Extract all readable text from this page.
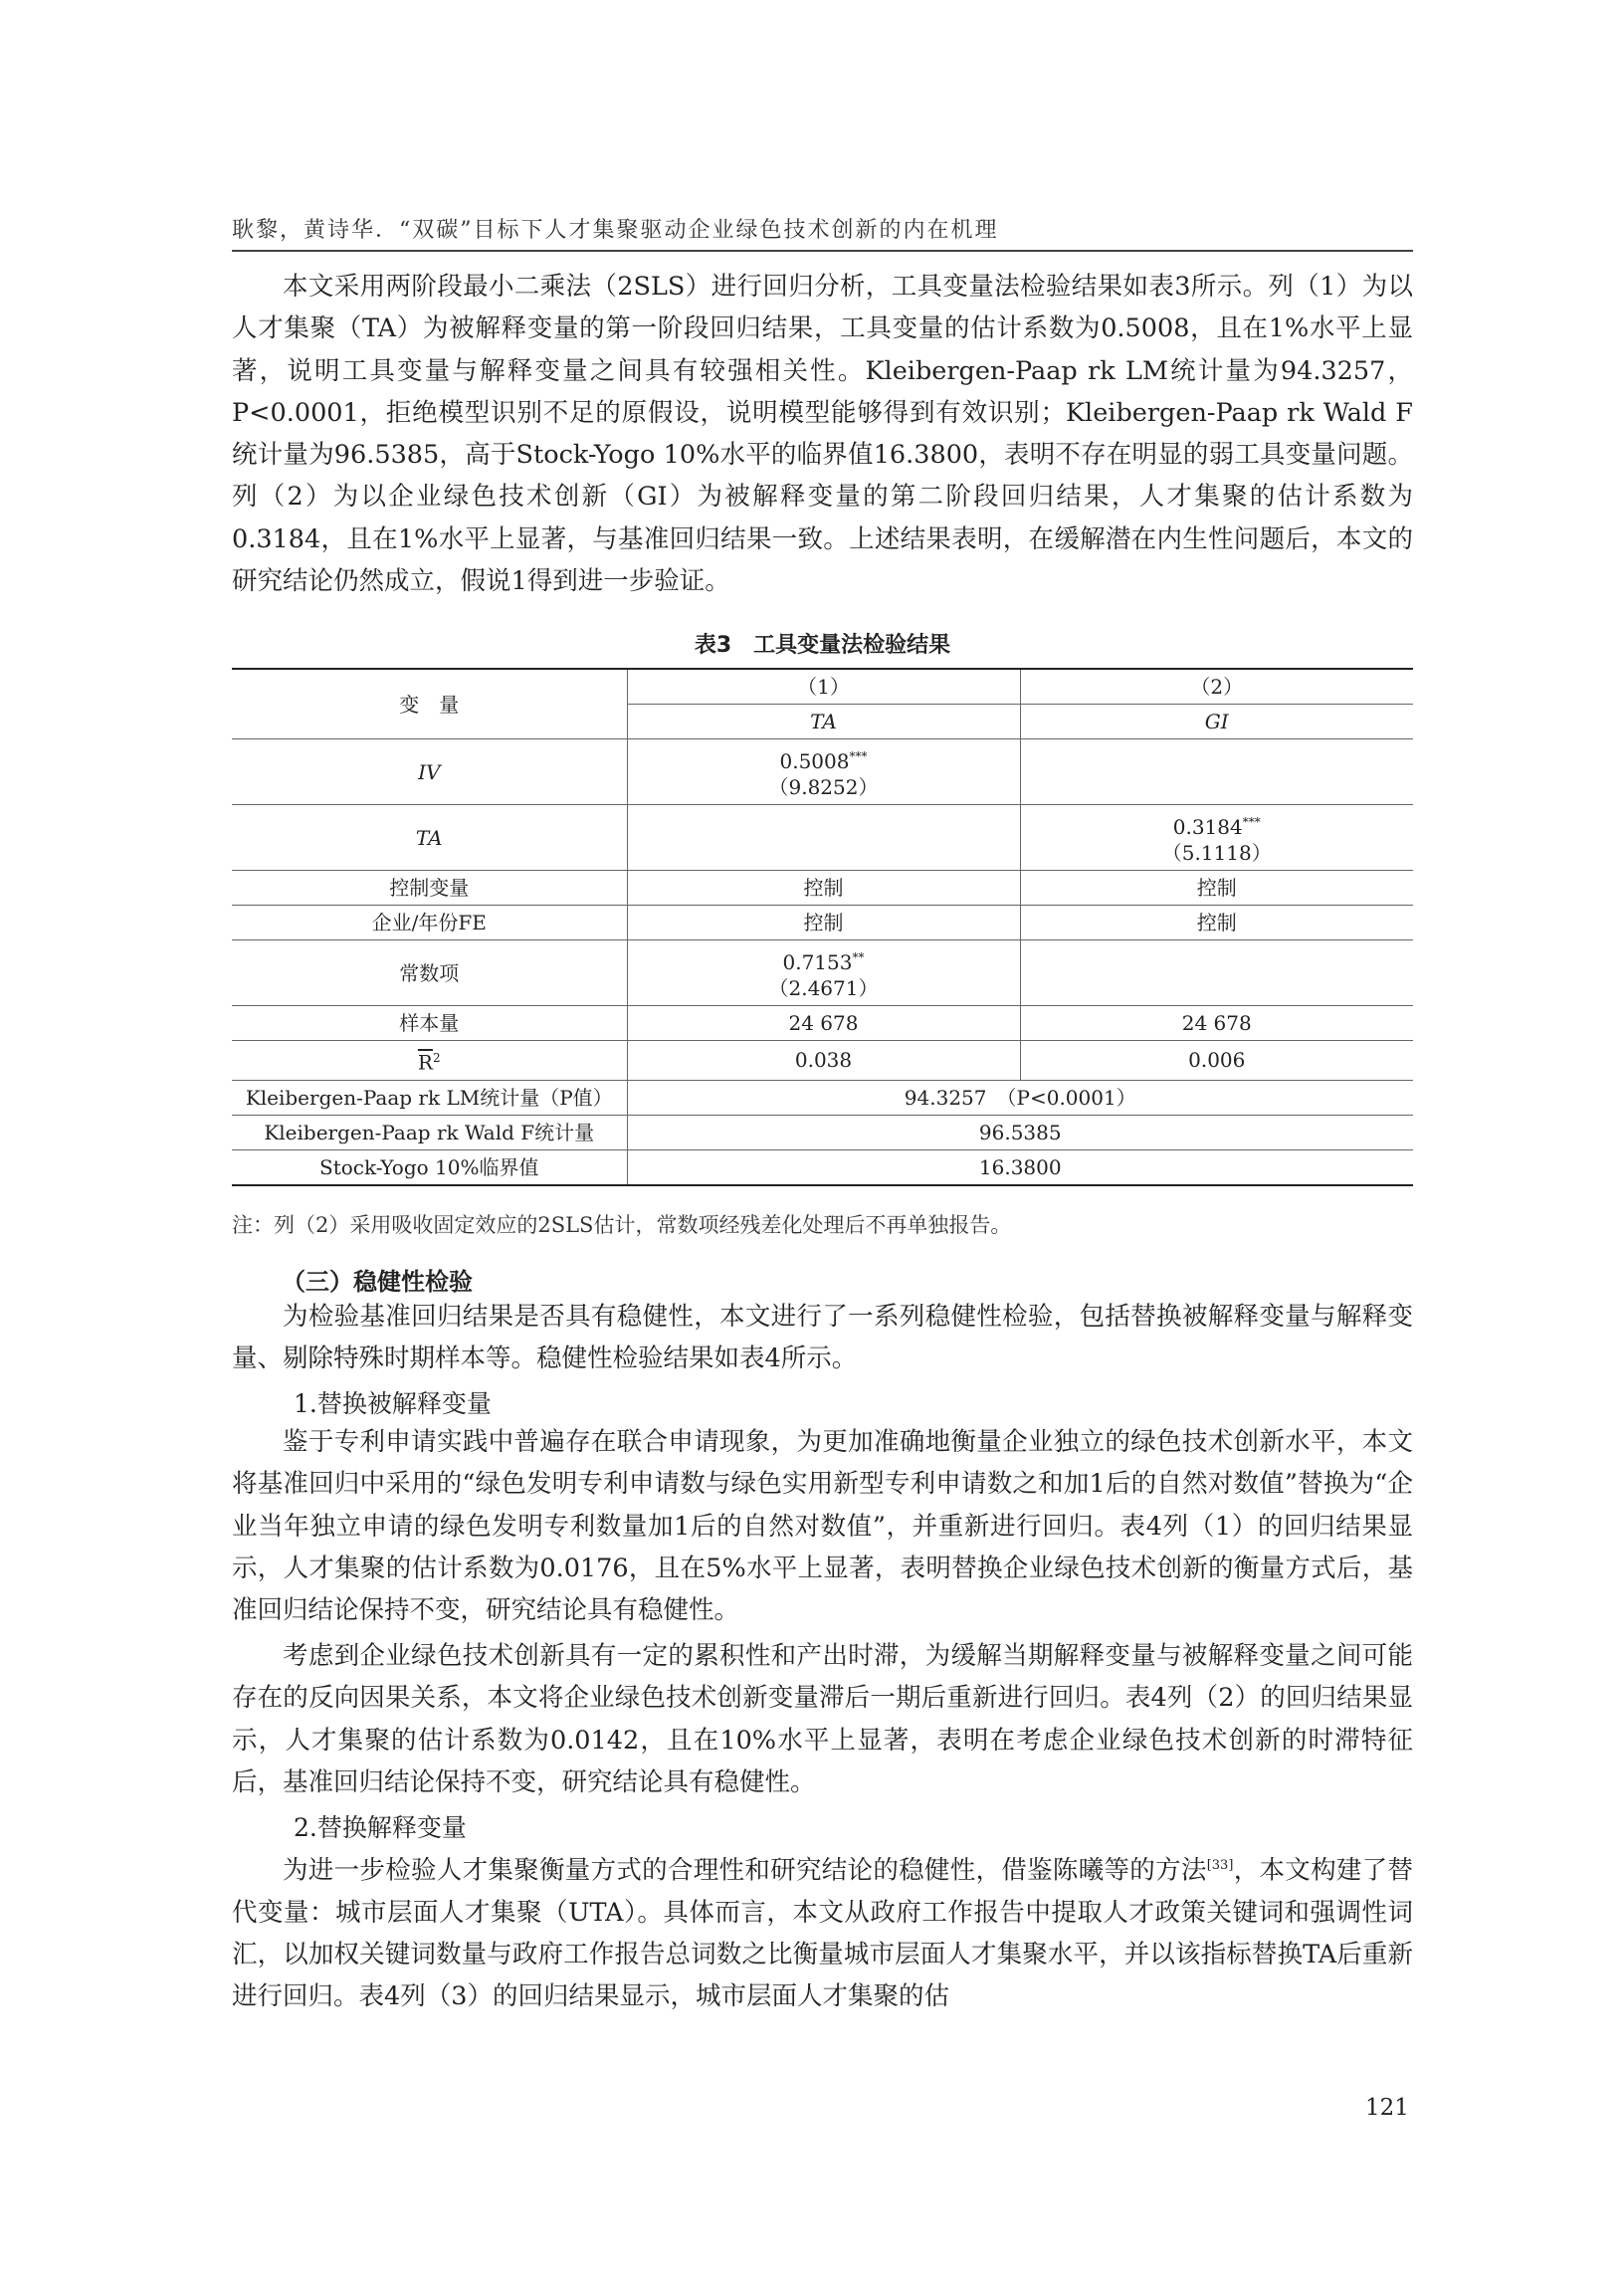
耿黎，黄诗华．“双碳”目标下人才集聚驱动企业绿色技术创新的内在机理
本文采用两阶段最小二乘法（2SLS）进行回归分析，工具变量法检验结果如表3所示。列（1）为以人才集聚（TA）为被解释变量的第一阶段回归结果，工具变量的估计系数为0.5008，且在1%水平上显著，说明工具变量与解释变量之间具有较强相关性。Kleibergen-Paap rk LM统计量为94.3257，P<0.0001，拒绝模型识别不足的原假设，说明模型能够得到有效识别；Kleibergen-Paap rk Wald F统计量为96.5385，高于Stock-Yogo 10%水平的临界值16.3800，表明不存在明显的弱工具变量问题。列（2）为以企业绿色技术创新（GI）为被解释变量的第二阶段回归结果，人才集聚的估计系数为0.3184，且在1%水平上显著，与基准回归结果一致。上述结果表明，在缓解潜在内生性问题后，本文的研究结论仍然成立，假说1得到进一步验证。
表3　工具变量法检验结果
变　量	（1）	（2）
	TA	GI
IV	0.5008***
（9.8252）	

TA		0.3184***
（5.1118）

控制变量	控制	控制
企业/年份FE	控制	控制
常数项	0.7153**
（2.4671）	

样本量	24 678	24 678
$\overline{R}^2$	0.038	0.006
Kleibergen-Paap rk LM统计量（P值）	94.3257　（P<0.0001）	
Kleibergen-Paap rk Wald F统计量	96.5385	
Stock-Yogo 10%临界值	16.3800	
注：列（2）采用吸收固定效应的2SLS估计，常数项经残差化处理后不再单独报告。
（三）稳健性检验
为检验基准回归结果是否具有稳健性，本文进行了一系列稳健性检验，包括替换被解释变量与解释变量、剔除特殊时期样本等。稳健性检验结果如表4所示。
1.替换被解释变量
鉴于专利申请实践中普遍存在联合申请现象，为更加准确地衡量企业独立的绿色技术创新水平，本文将基准回归中采用的“绿色发明专利申请数与绿色实用新型专利申请数之和加1后的自然对数值”替换为“企业当年独立申请的绿色发明专利数量加1后的自然对数值”，并重新进行回归。表4列（1）的回归结果显示，人才集聚的估计系数为0.0176，且在5%水平上显著，表明替换企业绿色技术创新的衡量方式后，基准回归结论保持不变，研究结论具有稳健性。
考虑到企业绿色技术创新具有一定的累积性和产出时滞，为缓解当期解释变量与被解释变量之间可能存在的反向因果关系，本文将企业绿色技术创新变量滞后一期后重新进行回归。表4列（2）的回归结果显示，人才集聚的估计系数为0.0142，且在10%水平上显著，表明在考虑企业绿色技术创新的时滞特征后，基准回归结论保持不变，研究结论具有稳健性。
2.替换解释变量
为进一步检验人才集聚衡量方式的合理性和研究结论的稳健性，借鉴陈曦等的方法[33]，本文构建了替代变量：城市层面人才集聚（UTA）。具体而言，本文从政府工作报告中提取人才政策关键词和强调性词汇，以加权关键词数量与政府工作报告总词数之比衡量城市层面人才集聚水平，并以该指标替换TA后重新进行回归。表4列（3）的回归结果显示，城市层面人才集聚的估
121
